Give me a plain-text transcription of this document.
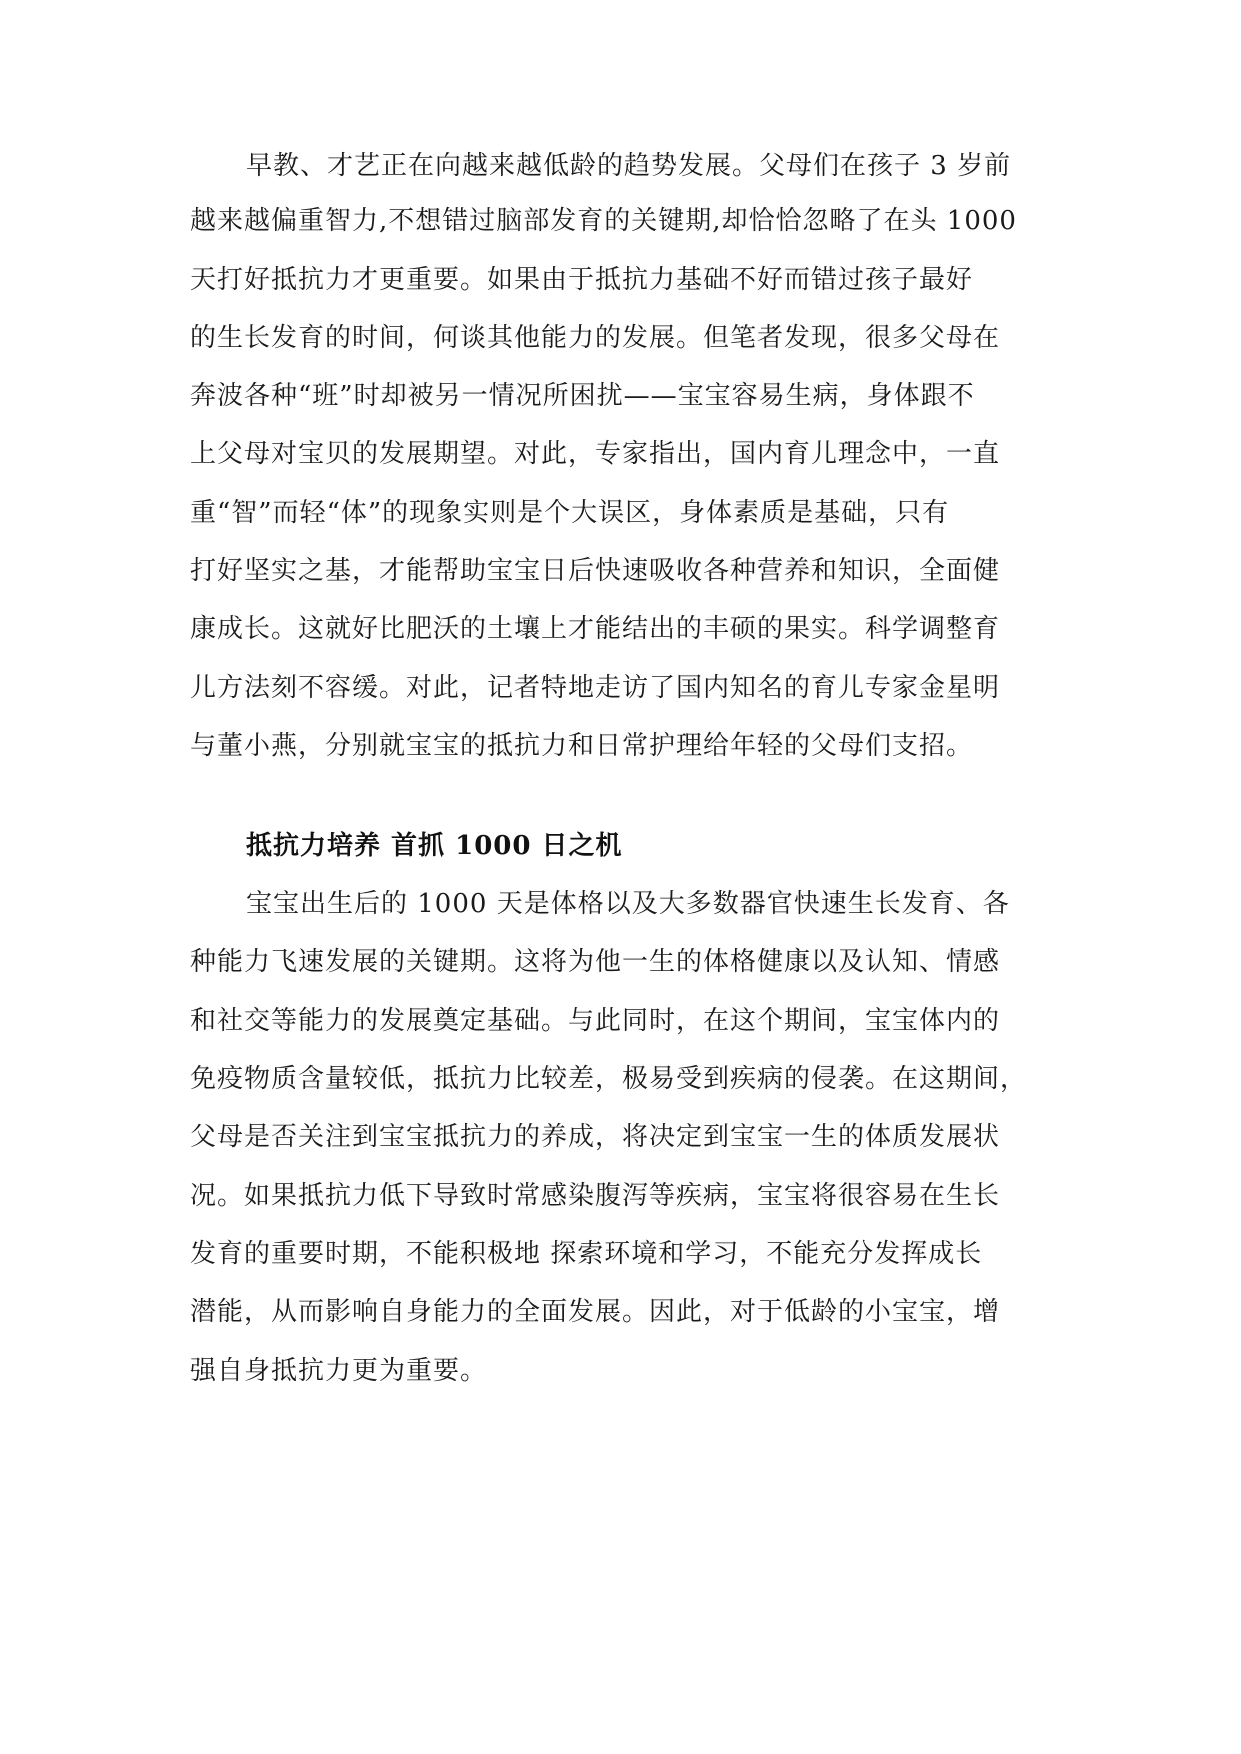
早教、才艺正在向越来越低龄的趋势发展。父母们在孩子 3 岁前

越来越偏重智力,不想错过脑部发育的关键期,却恰恰忽略了在头 1000

天打好抵抗力才更重要。如果由于抵抗力基础不好而错过孩子最好

的生长发育的时间，何谈其他能力的发展。但笔者发现，很多父母在

奔波各种“班”时却被另一情况所困扰——宝宝容易生病，身体跟不

上父母对宝贝的发展期望。对此，专家指出，国内育儿理念中，一直

重“智”而轻“体”的现象实则是个大误区，身体素质是基础，只有

打好坚实之基，才能帮助宝宝日后快速吸收各种营养和知识，全面健

康成长。这就好比肥沃的土壤上才能结出的丰硕的果实。科学调整育

儿方法刻不容缓。对此，记者特地走访了国内知名的育儿专家金星明

与董小燕，分别就宝宝的抵抗力和日常护理给年轻的父母们支招。

抵抗力培养 首抓 1000 日之机

宝宝出生后的 1000 天是体格以及大多数器官快速生长发育、各

种能力飞速发展的关键期。这将为他一生的体格健康以及认知、情感

和社交等能力的发展奠定基础。与此同时，在这个期间，宝宝体内的

免疫物质含量较低，抵抗力比较差，极易受到疾病的侵袭。在这期间，

父母是否关注到宝宝抵抗力的养成，将决定到宝宝一生的体质发展状

况。如果抵抗力低下导致时常感染腹泻等疾病，宝宝将很容易在生长

发育的重要时期，不能积极地 探索环境和学习，不能充分发挥成长

潜能，从而影响自身能力的全面发展。因此，对于低龄的小宝宝，增

强自身抵抗力更为重要。
